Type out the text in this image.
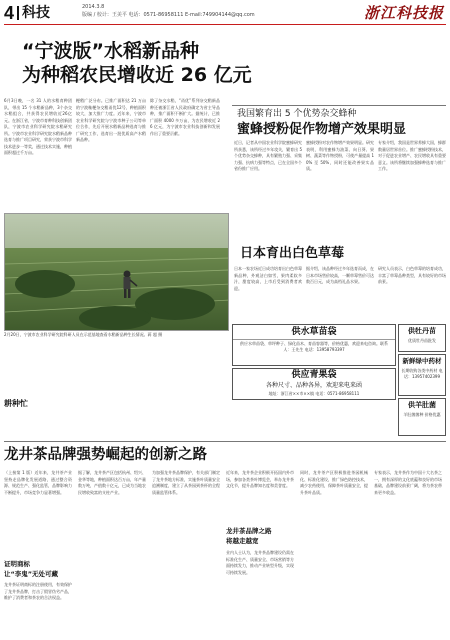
4 科技	2014.3.8
版编 / 校计：王美平 电话：0571-86958111 E-mail:749904144@qq.com	浙江科技报
“宁波版”水稻新品种
为种稻农民增收近 26 亿元
6月3日晚，一名 31 人的水稻育种团队，带出 15 个水稻新品种，3个杂交水稻组合，共获得农民增收近26亿元。在浙江省，宁波市育种科技创新团队，宁波市农业科学研究院水稻研究所。宁波市农业科学研究院水稻新品种选育与推广项目研究，荣获宁波市科学技术进步一等奖，通过技术实施，种植面积超过千万亩。
粳稻广泛分布。已推广面积达 21 万亩的宁波籼粳杂交稻甬优12号，种植面积较大，加大推广力度。近年来，宁波市农业科学研究院与宁波市种子公司等单位合作，先后开展水稻新品种选育与推广研究工作，选育出一批优质高产水稻新品种。
除了杂交水稻，“甬优”系列杂交稻新品种还被浙江省人民政府确定为省主导品种，推广面积不断扩大。据统计，已推广面积 4000 多万亩，为农民增收近 26 亿元，为宁波市农业科技创新和发展作出了重要贡献。
2月20日，宁波市农业科学研究院科研人员在示范基地查看水稻新品种生长情况。蒋 超 摄
耕种忙
我国繁育出 5 个优势杂交蜂种
蜜蜂授粉促作物增产效果明显
近日，记者从中国农业科学院蜜蜂研究所获悉，该所经过多年攻关，繁育出 5 个优势杂交蜂种，具有繁殖力强、采集力强、抗病力强等特点，已在全国多个省份推广应用。
蜜蜂授粉对农作物增产效果明显。研究表明，利用蜜蜂为油菜、向日葵、果树、蔬菜等作物授粉，可使产量提高 10% 至 50%，同时还能改善果实品质。
专家介绍，我国是世界养蜂大国，蜂群数量居世界首位。推广蜜蜂授粉技术，对于促进农业增产、农民增收具有重要意义。该所将继续加强蜂种选育与推广工作。
日本育出白色草莓
日本一家农场近日成功培育出白色草莓新品种，外观洁白如雪，果肉柔软多汁，甜度较高，上市后受到消费者欢迎。
据介绍，该品种经过多年选育而成，在日本市场售价较高，一颗草莓售价可达数百日元，成为高档礼品水果。
研究人员表示，白色草莓的培育成功，丰富了草莓品种类型，具有较好的市场前景。
供水草苗袋
供应水草苗袋、草坪种子、绿化苗木、育苗容器等，价格优惠，欢迎来电咨询。联系人：王先生 电话：13958793397
供应青果袋
各种尺寸、品种各异，欢迎来电来函
地址：浙江省××市××镇 电话：0571-86958111
供牡丹苗
优质牡丹苗批发
新鲜绿中药材
长期收购各类中药材 电话：13957402399
供羊肚菌
羊肚菌菌种 价格优惠
龙井茶品牌强势崛起的创新之路
（上接第 1 版）近年来，龙井茶产业坚持走品牌化发展道路，通过整合资源、规范生产、强化监管，品牌影响力不断提升，市场竞争力显著增强。
证明商标
让“李鬼”无处可藏
龙井茶证明商标的注册使用，有效保护了龙井茶品牌，打击了假冒伪劣产品，维护了消费者和茶农的合法权益。
据了解，龙井茶产区包括杭州、绍兴、金华等地，种植面积达百万亩，年产量数万吨，产值数十亿元，已成为当地农民增收致富的支柱产业。
为加强龙井茶品牌保护，有关部门制定了龙井茶地方标准，实施茶叶质量安全追溯制度，建立了从茶园到茶杯的全程质量监管体系。
近年来，龙井茶企业积极开拓国内外市场，参加各类茶叶博览会，举办龙井茶文化节，提升品牌知名度和美誉度。
龙井茶品牌之路
将越走越宽
业内人士认为，龙井茶品牌建设仍需在标准化生产、质量安全、市场营销等方面持续发力，推动产业转型升级，实现可持续发展。
同时，龙井茶产区积极推进茶园机械化、标准化建设，推广绿色防控技术，减少农药使用，保障茶叶质量安全，提升茶叶品质。
专家表示，龙井茶作为中国十大名茶之一，拥有深厚的文化底蕴和良好的市场基础，品牌建设前景广阔，将为茶农带来更多收益。
